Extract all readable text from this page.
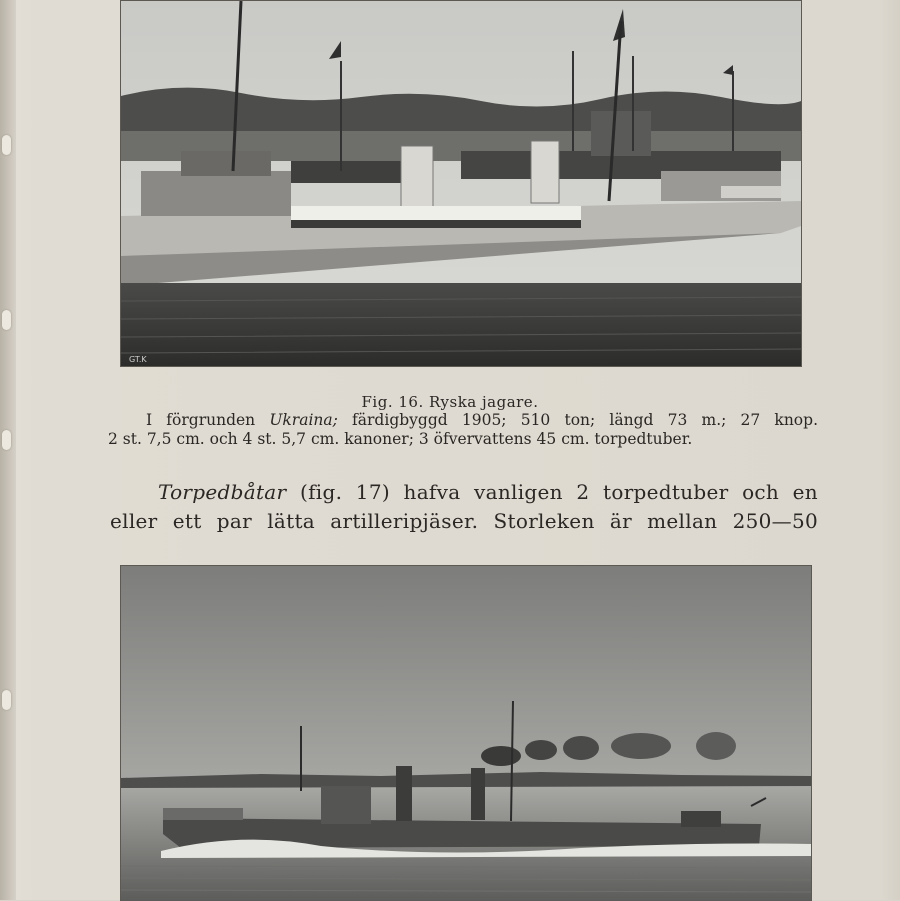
GT.K
Fig. 16. Ryska jagare.
I förgrunden Ukraina; färdigbyggd 1905; 510 ton; längd 73 m.; 27 knop.
2 st. 7,5 cm. och 4 st. 5,7 cm. kanoner; 3 öfvervattens 45 cm. torpedtuber.
Torpedbåtar (fig. 17) hafva vanligen 2 torpedtuber och en
eller ett par lätta artilleripjäser. Storleken är mellan 250—50
